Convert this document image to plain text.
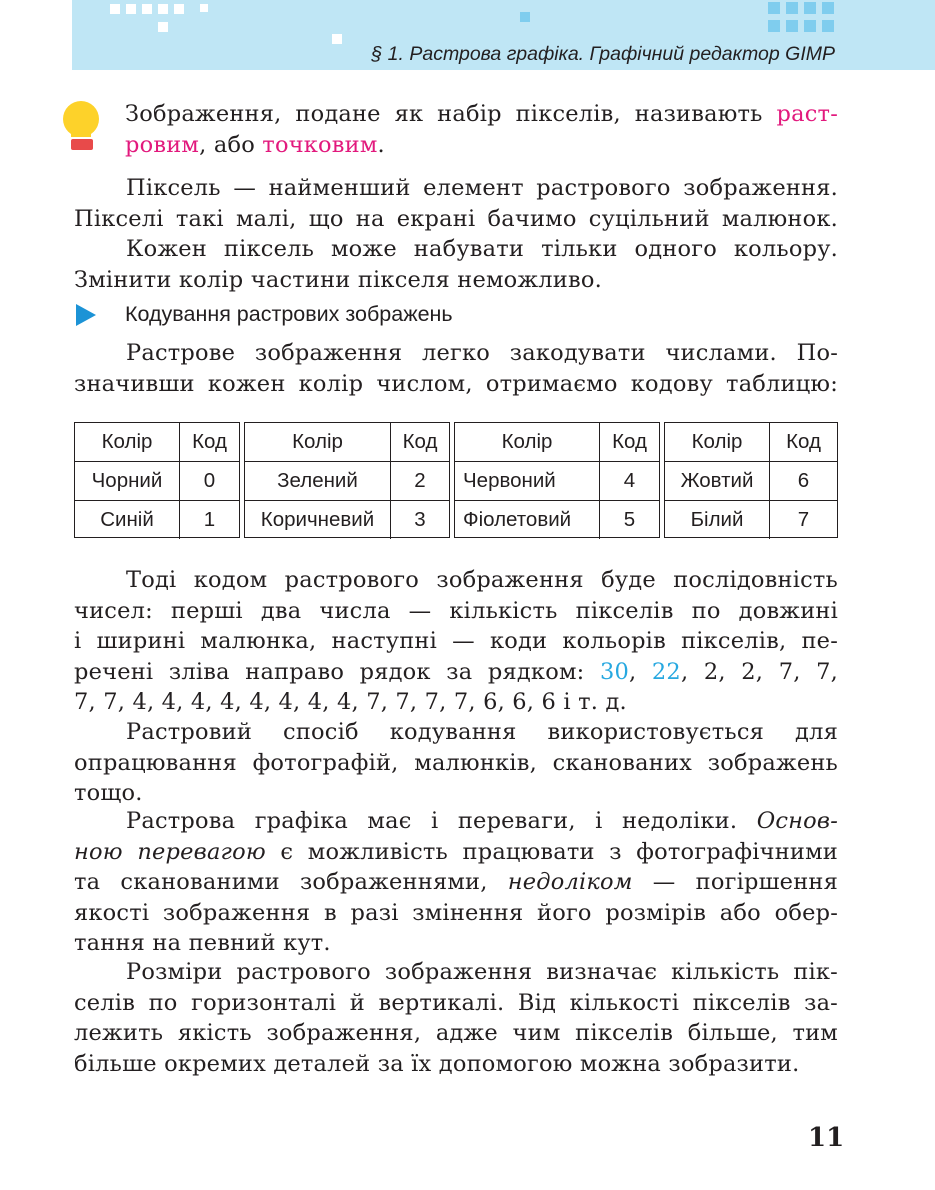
§ 1. Растрова графіка. Графічний редактор GIMP
Зображення, подане як набір пікселів, називають раст-
ровим, або точковим.
Піксель — найменший елемент растрового зображення.
Пікселі такі малі, що на екрані бачимо суцільний малюнок.
Кожен піксель може набувати тільки одного кольору.
Змінити колір частини пікселя неможливо.
Кодування растрових зображень
Растрове зображення легко закодувати числами. По-
значивши кожен колір числом, отримаємо кодову таблицю:
Колір	Код
Чорний	0
Синій	1
Колір	Код
Зелений	2
Коричневий	3
Колір	Код
Червоний	4
Фіолетовий	5
Колір	Код
Жовтий	6
Білий	7
Тоді кодом растрового зображення буде послідовність
чисел: перші два числа — кількість пікселів по довжині
і ширині малюнка, наступні — коди кольорів пікселів, пе-
речені зліва направо рядок за рядком: 30, 22, 2, 2, 7, 7,
7, 7, 4, 4, 4, 4, 4, 4, 4, 4, 7, 7, 7, 7, 6, 6, 6 і т. д.
Растровий спосіб кодування використовується для
опрацювання фотографій, малюнків, сканованих зображень
тощо.
Растрова графіка має і переваги, і недоліки. Основ-
ною перевагою є можливість працювати з фотографічними
та сканованими зображеннями, недоліком — погіршення
якості зображення в разі змінення його розмірів або обер-
тання на певний кут.
Розміри растрового зображення визначає кількість пік-
селів по горизонталі й вертикалі. Від кількості пікселів за-
лежить якість зображення, адже чим пікселів більше, тим
більше окремих деталей за їх допомогою можна зобразити.
11
